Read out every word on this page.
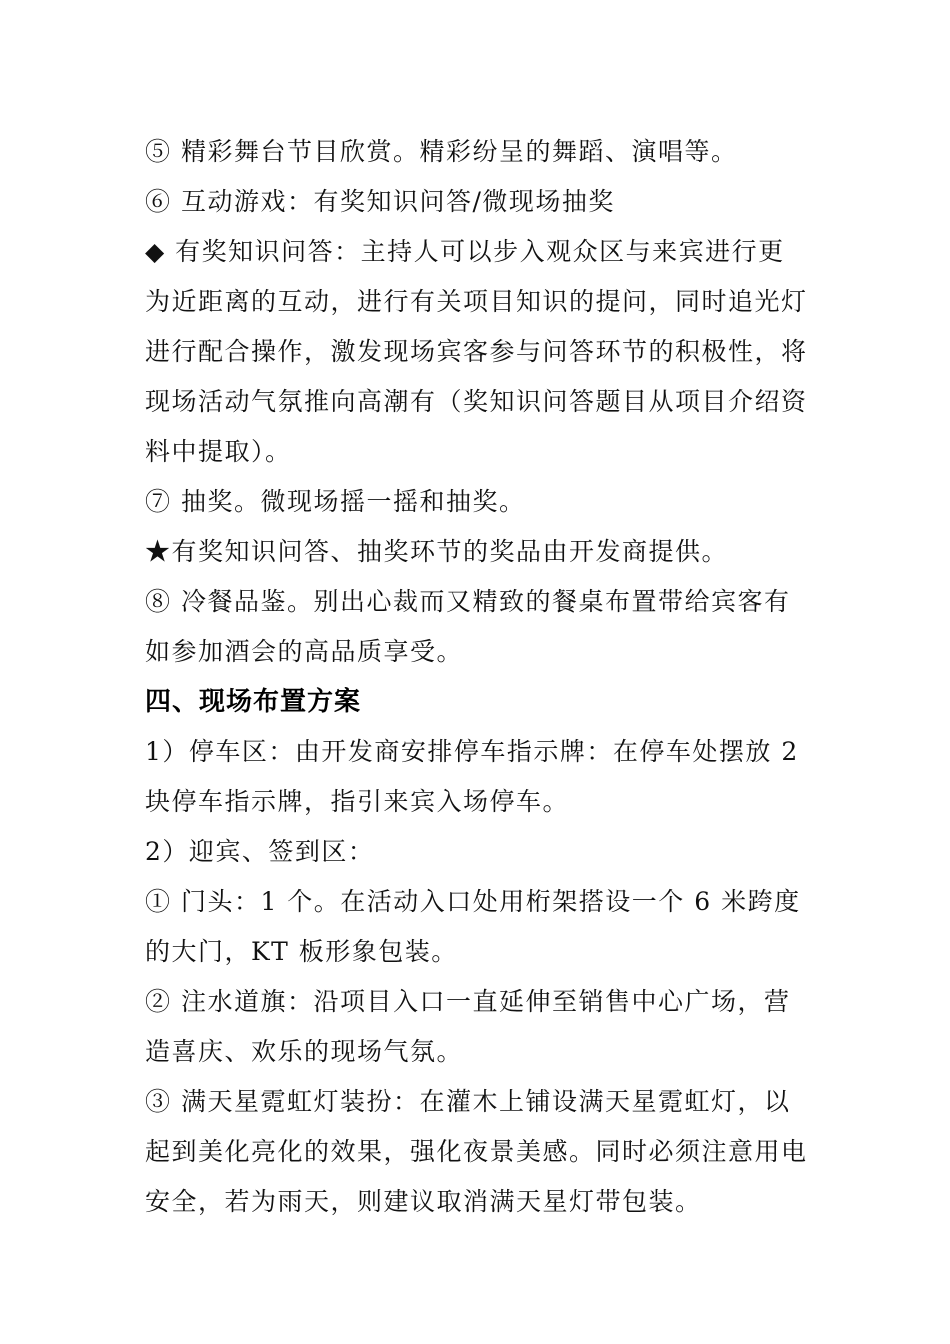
⑤ 精彩舞台节目欣赏。精彩纷呈的舞蹈、演唱等。

⑥ 互动游戏：有奖知识问答/微现场抽奖

◆ 有奖知识问答：主持人可以步入观众区与来宾进行更为近距离的互动，进行有关项目知识的提问，同时追光灯进行配合操作，激发现场宾客参与问答环节的积极性，将现场活动气氛推向高潮有（奖知识问答题目从项目介绍资料中提取）。

⑦ 抽奖。微现场摇一摇和抽奖。

★有奖知识问答、抽奖环节的奖品由开发商提供。

⑧ 冷餐品鉴。别出心裁而又精致的餐桌布置带给宾客有如参加酒会的高品质享受。

四、现场布置方案

1）停车区：由开发商安排停车指示牌：在停车处摆放 2 块停车指示牌，指引来宾入场停车。

2）迎宾、签到区：

① 门头：1 个。在活动入口处用桁架搭设一个 6 米跨度的大门，KT 板形象包装。

② 注水道旗：沿项目入口一直延伸至销售中心广场，营造喜庆、欢乐的现场气氛。

③ 满天星霓虹灯装扮：在灌木上铺设满天星霓虹灯，以起到美化亮化的效果，强化夜景美感。同时必须注意用电安全，若为雨天，则建议取消满天星灯带包装。
